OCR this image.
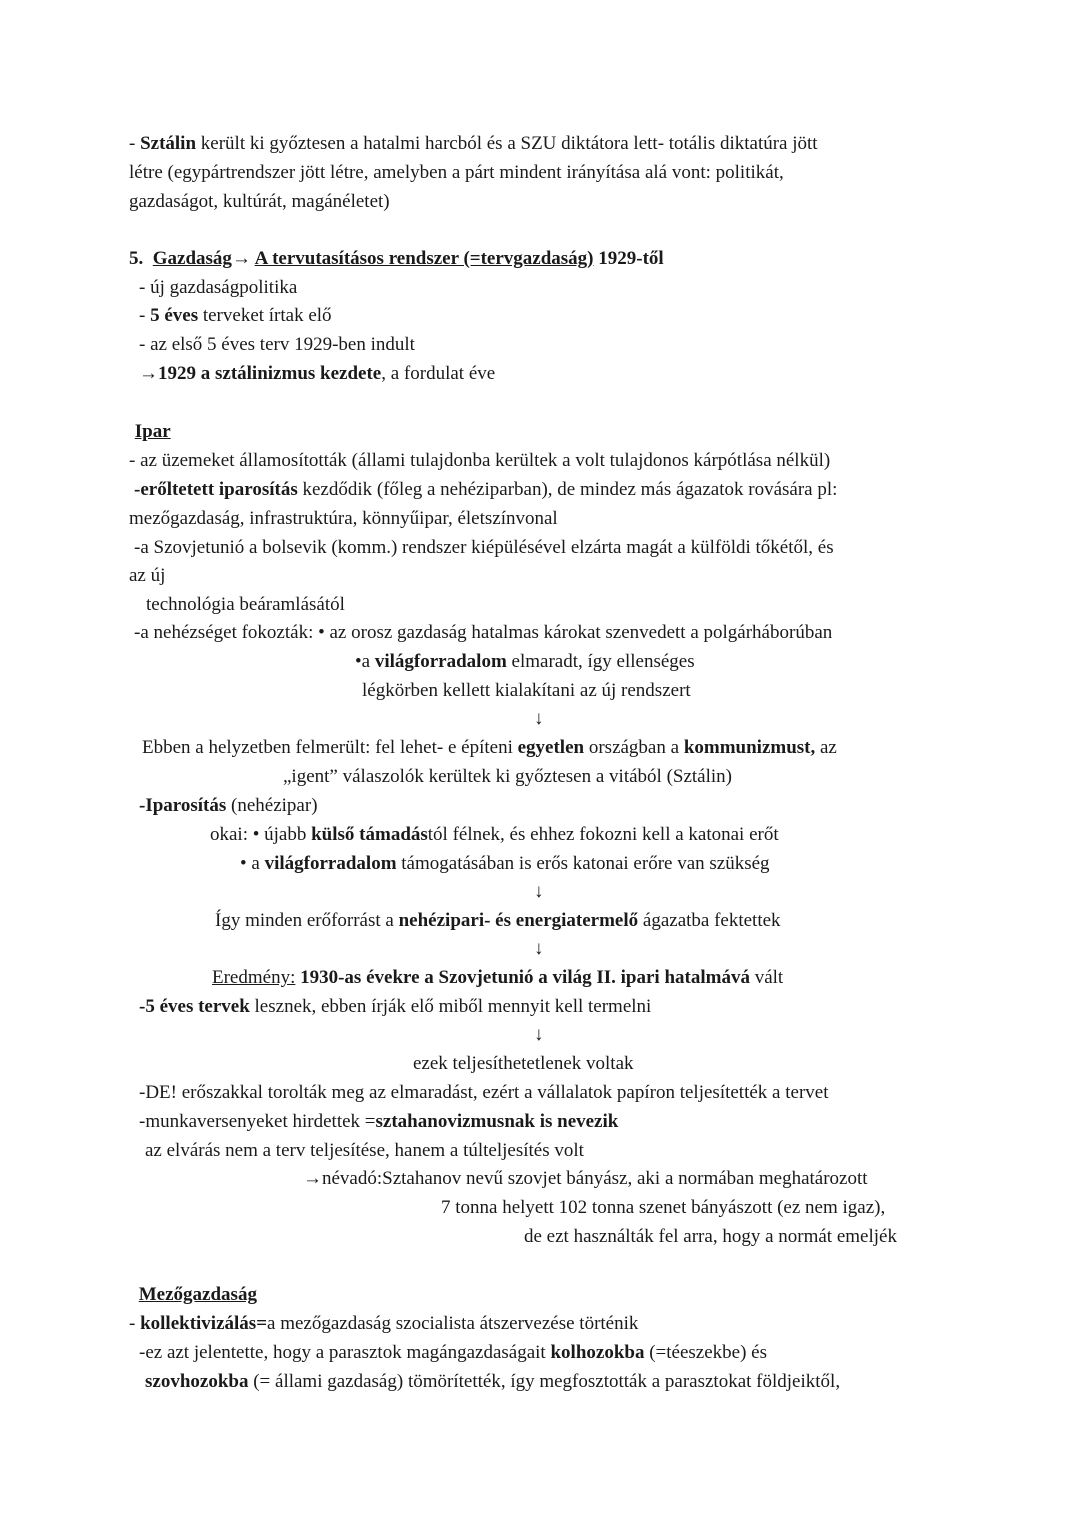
- Sztálin került ki győztesen a hatalmi harcból és a SZU diktátora lett- totális diktatúra jött
létre (egypártrendszer jött létre, amelyben a párt mindent irányítása alá vont: politikát,
gazdaságot, kultúrát, magánéletet)
5. Gazdaság→ A tervutasításos rendszer (=tervgazdaság) 1929-től
- új gazdaságpolitika
- 5 éves terveket írtak elő
- az első 5 éves terv 1929-ben indult
→1929 a sztálinizmus kezdete, a fordulat éve
Ipar
- az üzemeket államosították (állami tulajdonba kerültek a volt tulajdonos kárpótlása nélkül)
-erőltetett iparosítás kezdődik (főleg a nehéziparban), de mindez más ágazatok rovására pl:
mezőgazdaság, infrastruktúra, könnyűipar, életszínvonal
-a Szovjetunió a bolsevik (komm.) rendszer kiépülésével elzárta magát a külföldi tőkétől, és
az új
technológia beáramlásától
-a nehézséget fokozták: • az orosz gazdaság hatalmas károkat szenvedett a polgárháborúban
•a világforradalom elmaradt, így ellenséges
légkörben kellett kialakítani az új rendszert
↓
Ebben a helyzetben felmerült: fel lehet- e építeni egyetlen országban a kommunizmust, az
„igent” válaszolók kerültek ki győztesen a vitából (Sztálin)
-Iparosítás (nehézipar)
okai: • újabb külső támadástól félnek, és ehhez fokozni kell a katonai erőt
• a világforradalom támogatásában is erős katonai erőre van szükség
↓
Így minden erőforrást a nehézipari- és energiatermelő ágazatba fektettek
↓
Eredmény: 1930-as évekre a Szovjetunió a világ II. ipari hatalmává vált
-5 éves tervek lesznek, ebben írják elő miből mennyit kell termelni
↓
ezek teljesíthetetlenek voltak
-DE! erőszakkal torolták meg az elmaradást, ezért a vállalatok papíron teljesítették a tervet
-munkaversenyeket hirdettek =sztahanovizmusnak is nevezik
az elvárás nem a terv teljesítése, hanem a túlteljesítés volt
→névadó:Sztahanov nevű szovjet bányász, aki a normában meghatározott
7 tonna helyett 102 tonna szenet bányászott (ez nem igaz),
de ezt használták fel arra, hogy a normát emeljék
Mezőgazdaság
- kollektivizálás=a mezőgazdaság szocialista átszervezése történik
-ez azt jelentette, hogy a parasztok magángazdaságait kolhozokba (=téeszekbe) és
szovhozokba (= állami gazdaság) tömörítették, így megfosztották a parasztokat földjeiktől,
